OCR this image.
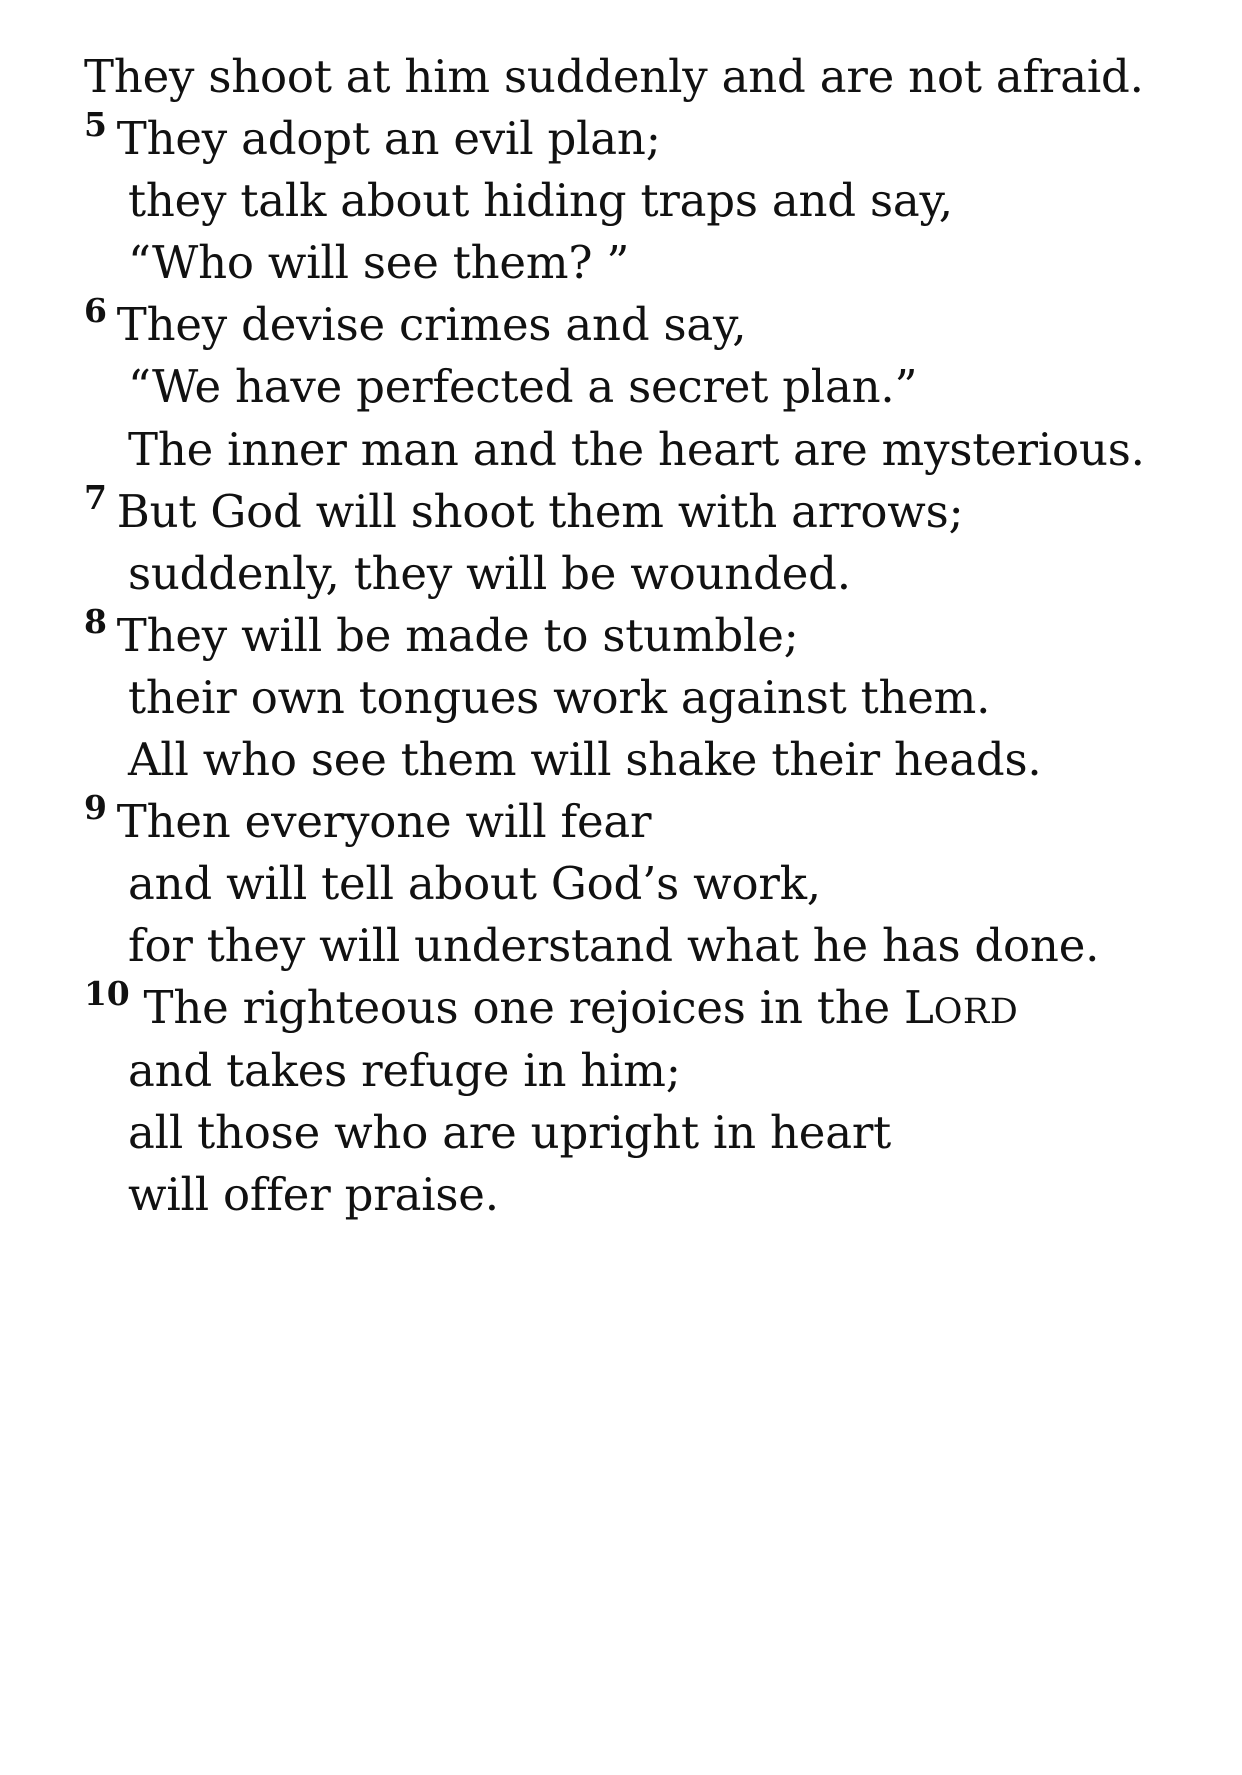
They shoot at him suddenly and are not afraid.
$^5$ They adopt an evil plan;
they talk about hiding traps and say,
“Who will see them? ”
$^6$ They devise crimes and say,
“We have perfected a secret plan.”
The inner man and the heart are mysterious.
$^7$ But God will shoot them with arrows;
suddenly, they will be wounded.
$^8$ They will be made to stumble;
their own tongues work against them.
All who see them will shake their heads.
$^9$ Then everyone will fear
and will tell about God’s work,
for they will understand what he has done.
$^{10}$ The righteous one rejoices in the LORD
and takes refuge in him;
all those who are upright in heart
will offer praise.
